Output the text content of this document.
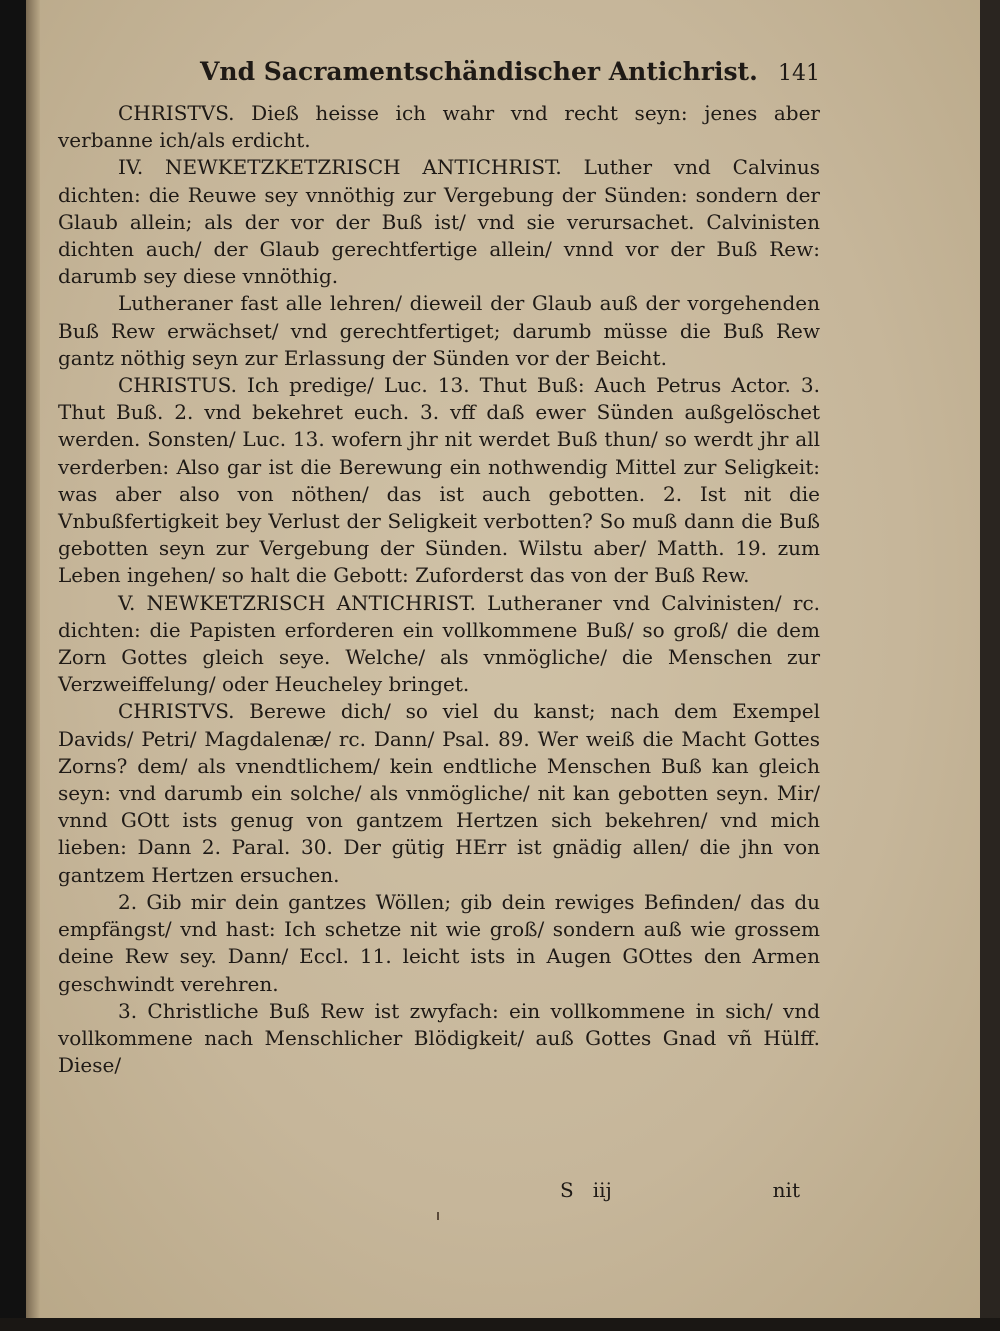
Vnd Sacramentschändischer Antichrist. 141

CHRISTVS. Dieß heisse ich wahr vnd recht seyn: jenes aber verbanne ich/als erdicht.

IV. NEWKETZKETZRISCH ANTICHRIST. Luther vnd Calvinus dichten: die Reuwe sey vnnöthig zur Vergebung der Sünden: sondern der Glaub allein; als der vor der Buß ist/ vnd sie verursachet. Calvinisten dichten auch/ der Glaub gerechtfertige allein/ vnnd vor der Buß Rew: darumb sey diese vnnöthig.

Lutheraner fast alle lehren/ dieweil der Glaub auß der vorgehenden Buß Rew erwächset/ vnd gerechtfertiget; darumb müsse die Buß Rew gantz nöthig seyn zur Erlassung der Sünden vor der Beicht.

CHRISTUS. Ich predige/ Luc. 13. Thut Buß: Auch Petrus Actor. 3. Thut Buß. 2. vnd bekehret euch. 3. vff daß ewer Sünden außgelöschet werden. Sonsten/ Luc. 13. wofern jhr nit werdet Buß thun/ so werdt jhr all verderben: Also gar ist die Berewung ein nothwendig Mittel zur Seligkeit: was aber also von nöthen/ das ist auch gebotten. 2. Ist nit die Vnbußfertigkeit bey Verlust der Seligkeit verbotten? So muß dann die Buß gebotten seyn zur Vergebung der Sünden. Wilstu aber/ Matth. 19. zum Leben ingehen/ so halt die Gebott: Zuforderst das von der Buß Rew.

V. NEWKETZRISCH ANTICHRIST. Lutheraner vnd Calvinisten/ rc. dichten: die Papisten erforderen ein vollkommene Buß/ so groß/ die dem Zorn Gottes gleich seye. Welche/ als vnmögliche/ die Menschen zur Verzweiffelung/ oder Heucheley bringet.

CHRISTVS. Berewe dich/ so viel du kanst; nach dem Exempel Davids/ Petri/ Magdalenæ/ rc. Dann/ Psal. 89. Wer weiß die Macht Gottes Zorns? dem/ als vnendtlichem/ kein endtliche Menschen Buß kan gleich seyn: vnd darumb ein solche/ als vnmögliche/ nit kan gebotten seyn. Mir/ vnnd GOtt ists genug von gantzem Hertzen sich bekehren/ vnd mich lieben: Dann 2. Paral. 30. Der gütig HErr ist gnädig allen/ die jhn von gantzem Hertzen ersuchen.

2. Gib mir dein gantzes Wöllen; gib dein rewiges Befinden/ das du empfängst/ vnd hast: Ich schetze nit wie groß/ sondern auß wie grossem deine Rew sey. Dann/ Eccl. 11. leicht ists in Augen GOttes den Armen geschwindt verehren.

3. Christliche Buß Rew ist zwyfach: ein vollkommene in sich/ vnd vollkommene nach Menschlicher Blödigkeit/ auß Gottes Gnad vñ Hülff. Diese/

S iij	nit
